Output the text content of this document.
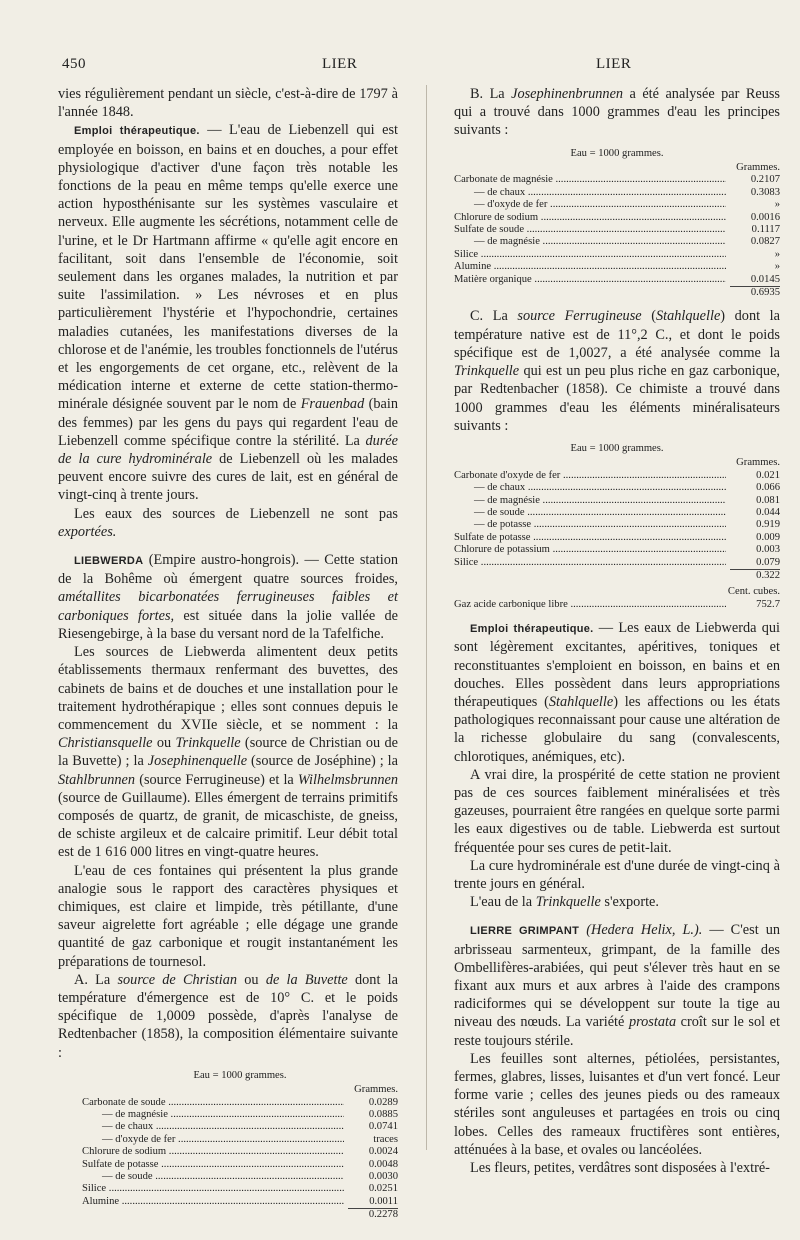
450	LIER	LIER

vies régulièrement pendant un siècle, c'est-à-dire de 1797 à l'année 1848.

Emploi thérapeutique. — L'eau de Liebenzell qui est employée en boisson, en bains et en douches, a pour effet physiologique d'activer d'une façon très notable les fonctions de la peau en même temps qu'elle exerce une action hyposthénisante sur les systèmes vasculaire et nerveux. Elle augmente les sécrétions, notamment celle de l'urine, et le Dr Hartmann affirme « qu'elle agit encore en facilitant, soit dans l'ensemble de l'économie, soit seulement dans les organes malades, la nutrition et par suite l'assimilation. » Les névroses et en plus particulièrement l'hystérie et l'hypochondrie, certaines maladies cutanées, les manifestations diverses de la chlorose et de l'anémie, les troubles fonctionnels de l'utérus et les engorgements de cet organe, etc., relèvent de la médication interne et externe de cette station-thermo-minérale désignée souvent par le nom de Frauenbad (bain des femmes) par les gens du pays qui regardent l'eau de Liebenzell comme spécifique contre la stérilité. La durée de la cure hydrominérale de Liebenzell où les malades peuvent encore suivre des cures de lait, est en général de vingt-cinq à trente jours.

Les eaux des sources de Liebenzell ne sont pas exportées.

LIEBWERDA (Empire austro-hongrois). — Cette station de la Bohême où émergent quatre sources froides, amétallites bicarbonatées ferrugineuses faibles et carboniques fortes, est située dans la jolie vallée de Riesengebirge, à la base du versant nord de la Tafelfiche.

Les sources de Liebwerda alimentent deux petits établissements thermaux renfermant des buvettes, des cabinets de bains et de douches et une installation pour le traitement hydrothérapique ; elles sont connues depuis le commencement du XVIIe siècle, et se nomment : la Christiansquelle ou Trinkquelle (source de Christian ou de la Buvette) ; la Josephinenquelle (source de Joséphine) ; la Stahlbrunnen (source Ferrugineuse) et la Wilhelmsbrunnen (source de Guillaume). Elles émergent de terrains primitifs composés de quartz, de granit, de micaschiste, de gneiss, de schiste argileux et de calcaire primitif. Leur débit total est de 1 616 000 litres en vingt-quatre heures.

L'eau de ces fontaines qui présentent la plus grande analogie sous le rapport des caractères physiques et chimiques, est claire et limpide, très pétillante, d'une saveur aigrelette fort agréable ; elle dégage une grande quantité de gaz carbonique et rougit instantanément les préparations de tournesol.

A. La source de Christian ou de la Buvette dont la température d'émergence est de 10° C. et le poids spécifique de 1,0009 possède, d'après l'analyse de Redtenbacher (1858), la composition élémentaire suivante :

Eau = 1000 grammes.
Grammes.
Carbonate de soude .....	0.0289
— de magnésie .....	0.0885
— de chaux .....	0.0741
— d'oxyde de fer .....	traces
Chlorure de sodium .....	0.0024
Sulfate de potasse .....	0.0048
— de soude .....	0.0030
Silice .....	0.0251
Alumine .....	0.0011
0.2278

B. La Josephinenbrunnen a été analysée par Reuss qui a trouvé dans 1000 grammes d'eau les principes suivants :

Eau = 1000 grammes.
Grammes.
Carbonate de magnésie .....	0.2107
— de chaux .....	0.3083
— d'oxyde de fer .....	»
Chlorure de sodium .....	0.0016
Sulfate de soude .....	0.1117
— de magnésie .....	0.0827
Silice .....	»
Alumine .....	»
Matière organique .....	0.0145
0.6935

C. La source Ferrugineuse (Stahlquelle) dont la température native est de 11°,2 C., et dont le poids spécifique est de 1,0027, a été analysée comme la Trinkquelle qui est un peu plus riche en gaz carbonique, par Redtenbacher (1858). Ce chimiste a trouvé dans 1000 grammes d'eau les éléments minéralisateurs suivants :

Eau = 1000 grammes.
Grammes.
Carbonate d'oxyde de fer .....	0.021
— de chaux .....	0.066
— de magnésie .....	0.081
— de soude .....	0.044
— de potasse .....	0.919
Sulfate de potasse .....	0.009
Chlorure de potassium .....	0.003
Silice .....	0.079
0.322
Cent. cubes.
Gaz acide carbonique libre .....	752.7

Emploi thérapeutique. — Les eaux de Liebwerda qui sont légèrement excitantes, apéritives, toniques et reconstituantes s'emploient en boisson, en bains et en douches. Elles possèdent dans leurs appropriations thérapeutiques (Stahlquelle) les affections ou les états pathologiques reconnaissant pour cause une altération de la richesse globulaire du sang (convalescents, chlorotiques, anémiques, etc).

A vrai dire, la prospérité de cette station ne provient pas de ces sources faiblement minéralisées et très gazeuses, pourraient être rangées en quelque sorte parmi les eaux digestives ou de table. Liebwerda est surtout fréquentée pour ses cures de petit-lait.

La cure hydrominérale est d'une durée de vingt-cinq à trente jours en général.

L'eau de la Trinkquelle s'exporte.

LIERRE GRIMPANT (Hedera Helix, L.). — C'est un arbrisseau sarmenteux, grimpant, de la famille des Ombellifères-arabiées, qui peut s'élever très haut en se fixant aux murs et aux arbres à l'aide des crampons radiciformes qui se développent sur toute la tige au niveau des nœuds. La variété prostata croît sur le sol et reste toujours stérile.

Les feuilles sont alternes, pétiolées, persistantes, fermes, glabres, lisses, luisantes et d'un vert foncé. Leur forme varie ; celles des jeunes pieds ou des rameaux stériles sont anguleuses et partagées en trois ou cinq lobes. Celles des rameaux fructifères sont entières, atténuées à la base, et ovales ou lancéolées.

Les fleurs, petites, verdâtres sont disposées à l'extré-
